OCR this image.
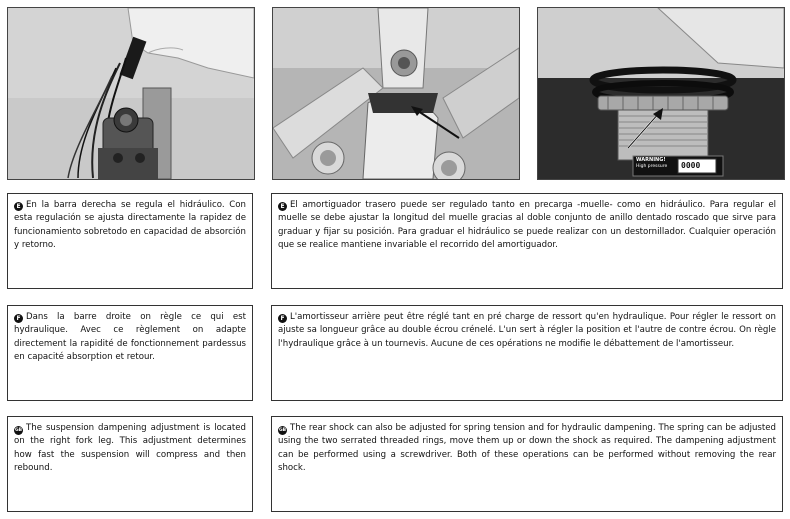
WARNING!
High pressure 0000
E En la barra derecha se regula el hidráulico. Con esta regulación se ajusta directamente la rapidez de funcionamiento sobretodo en capacidad de absorción y retorno.
E El amortiguador trasero puede ser regulado tanto en precarga -muelle- como en hidráulico. Para regular el muelle se debe ajustar la longitud del muelle gracias al doble conjunto de anillo dentado roscado que sirve para graduar y fijar su posición. Para graduar el hidráulico se puede realizar con un destornillador. Cualquier operación que se realice mantiene invariable el recorrido del amortiguador.
F Dans la barre droite on règle ce qui est hydraulique. Avec ce règlement on adapte directement la rapidité de fonctionnement pardessus en capacité absorption et retour.
F L'amortisseur arrière peut être réglé tant en pré charge de ressort qu'en hydraulique. Pour régler le ressort on ajuste sa longueur grâce au double écrou crénelé. L'un sert à régler la position et l'autre de contre écrou. On règle l'hydraulique grâce à un tournevis. Aucune de ces opérations ne modifie le débattement de l'amortisseur.
GB The suspension dampening adjustment is located on the right fork leg. This adjustment determines how fast the suspension will compress and then rebound.
GB The rear shock can also be adjusted for spring tension and for hydraulic dampening. The spring can be adjusted using the two serrated threaded rings, move them up or down the shock as required. The dampening adjustment can be performed using a screwdriver. Both of these operations can be performed without removing the rear shock.
